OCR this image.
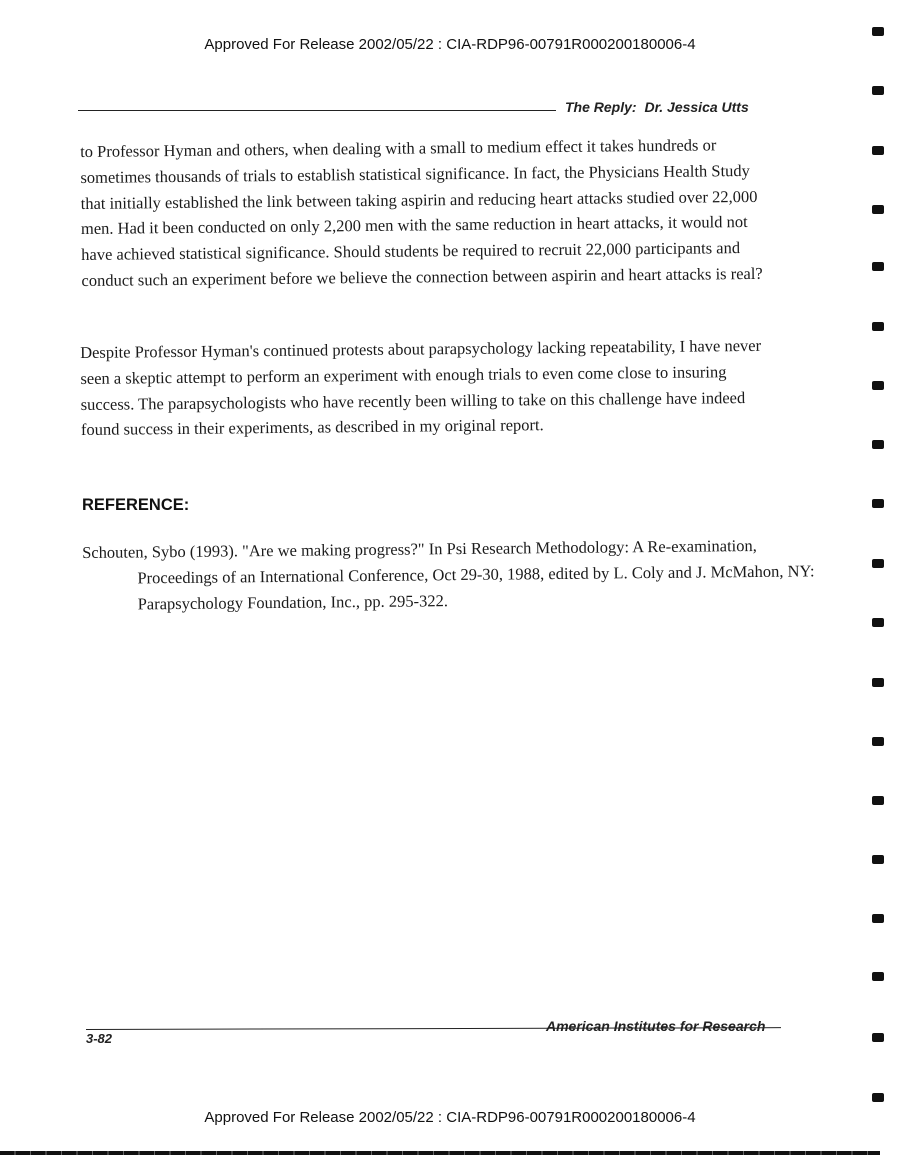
Approved For Release 2002/05/22 : CIA-RDP96-00791R000200180006-4
The Reply: Dr. Jessica Utts
to Professor Hyman and others, when dealing with a small to medium effect it takes hundreds or sometimes thousands of trials to establish statistical significance. In fact, the Physicians Health Study that initially established the link between taking aspirin and reducing heart attacks studied over 22,000 men. Had it been conducted on only 2,200 men with the same reduction in heart attacks, it would not have achieved statistical significance. Should students be required to recruit 22,000 participants and conduct such an experiment before we believe the connection between aspirin and heart attacks is real?
Despite Professor Hyman's continued protests about parapsychology lacking repeatability, I have never seen a skeptic attempt to perform an experiment with enough trials to even come close to insuring success. The parapsychologists who have recently been willing to take on this challenge have indeed found success in their experiments, as described in my original report.
REFERENCE:
Schouten, Sybo (1993). "Are we making progress?" In Psi Research Methodology: A Re-examination, Proceedings of an International Conference, Oct 29-30, 1988, edited by L. Coly and J. McMahon, NY: Parapsychology Foundation, Inc., pp. 295-322.
3-82
American Institutes for Research
Approved For Release 2002/05/22 : CIA-RDP96-00791R000200180006-4
